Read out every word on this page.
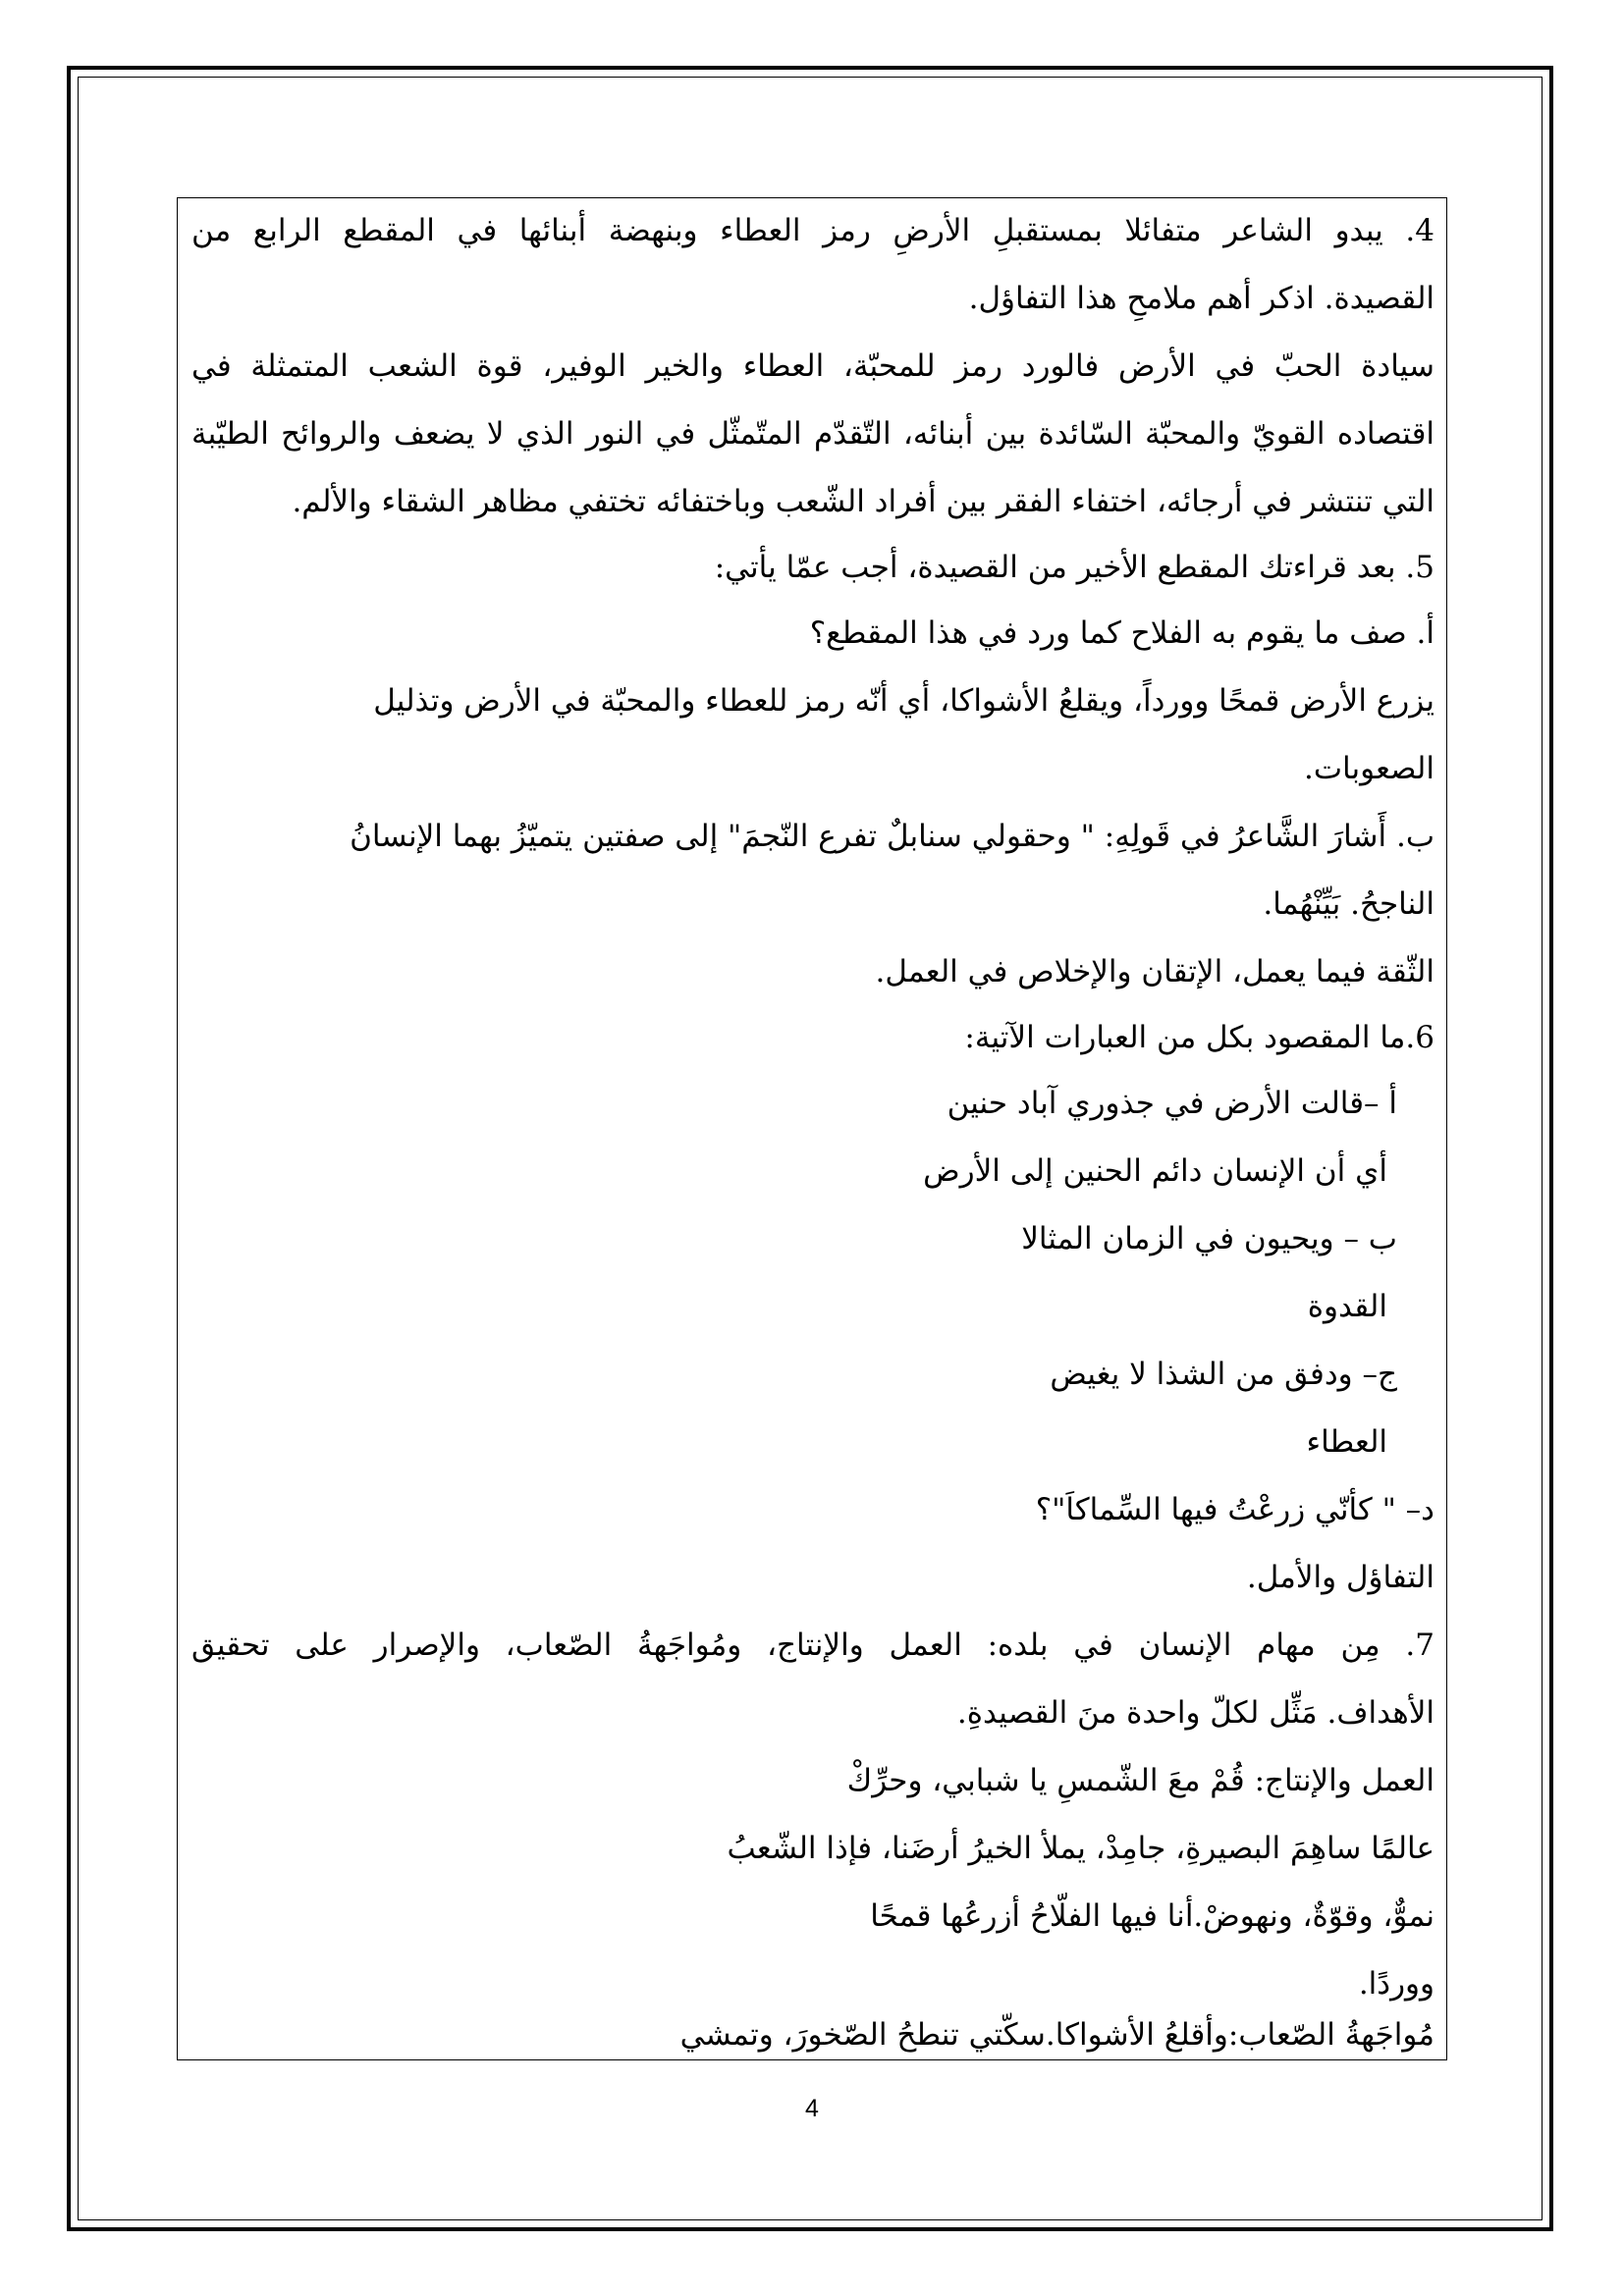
4. يبدو الشاعر متفائلا بمستقبلِ الأرضِ رمز العطاء وبنهضة أبنائها في المقطع الرابع من
القصيدة. اذكر أهم ملامحِ هذا التفاؤل.
سيادة الحبّ في الأرض فالورد رمز للمحبّة، العطاء والخير الوفير، قوة الشعب المتمثلة في
اقتصاده القويّ والمحبّة السّائدة بين أبنائه، التّقدّم المتّمثّل في النور الذي لا يضعف والروائح الطيّبة
التي تنتشر في أرجائه، اختفاء الفقر بين أفراد الشّعب وباختفائه تختفي مظاهر الشقاء والألم.
5. بعد قراءتك المقطع الأخير من القصيدة، أجب عمّا يأتي:
أ. صف ما يقوم به الفلاح كما ورد في هذا المقطع؟
يزرع الأرض قمحًا وورداً، ويقلعُ الأشواكا، أي أنّه رمز للعطاء والمحبّة في الأرض وتذليل
الصعوبات.
ب. أَشارَ الشَّاعرُ في قَولِهِ: " وحقولي سنابلٌ تفرع النّجمَ" إلى صفتين يتميّزُ بهما الإنسانُ
الناجحُ. بَيِّنْهُما.
الثّقة فيما يعمل، الإتقان والإخلاص في العمل.
6.ما المقصود بكل من العبارات الآتية:
أ –قالت الأرض في جذوري آباد حنين
أي أن الإنسان دائم الحنين إلى الأرض
ب – ويحيون في الزمان المثالا
القدوة
ج– ودفق من الشذا لا يغيض
العطاء
د– " كأنّي زرعْتُ فيها السِّماكاَ"؟
التفاؤل والأمل.
7. مِن مهام الإنسان في بلده: العمل والإنتاج، ومُواجَهةُ الصّعاب، والإصرار على تحقيق
الأهداف. مَثِّل لكلّ واحدة منَ القصيدةِ.
العمل والإنتاج: قُمْ معَ الشّمسِ يا شبابي، وحرِّكْ
عالمًا ساهِمَ البصيرةِ، جامِدْ، يملأ الخيرُ أرضَنا، فإذا الشّعبُ
نموٌّ، وقوّةٌ، ونهوضْ.أنا فيها الفلّاحُ أزرعُها قمحًا
ووردًا.
مُواجَهةُ الصّعاب:وأقلعُ الأشواكا.سكّتي تنطحُ الصّخورَ، وتمشي
4
